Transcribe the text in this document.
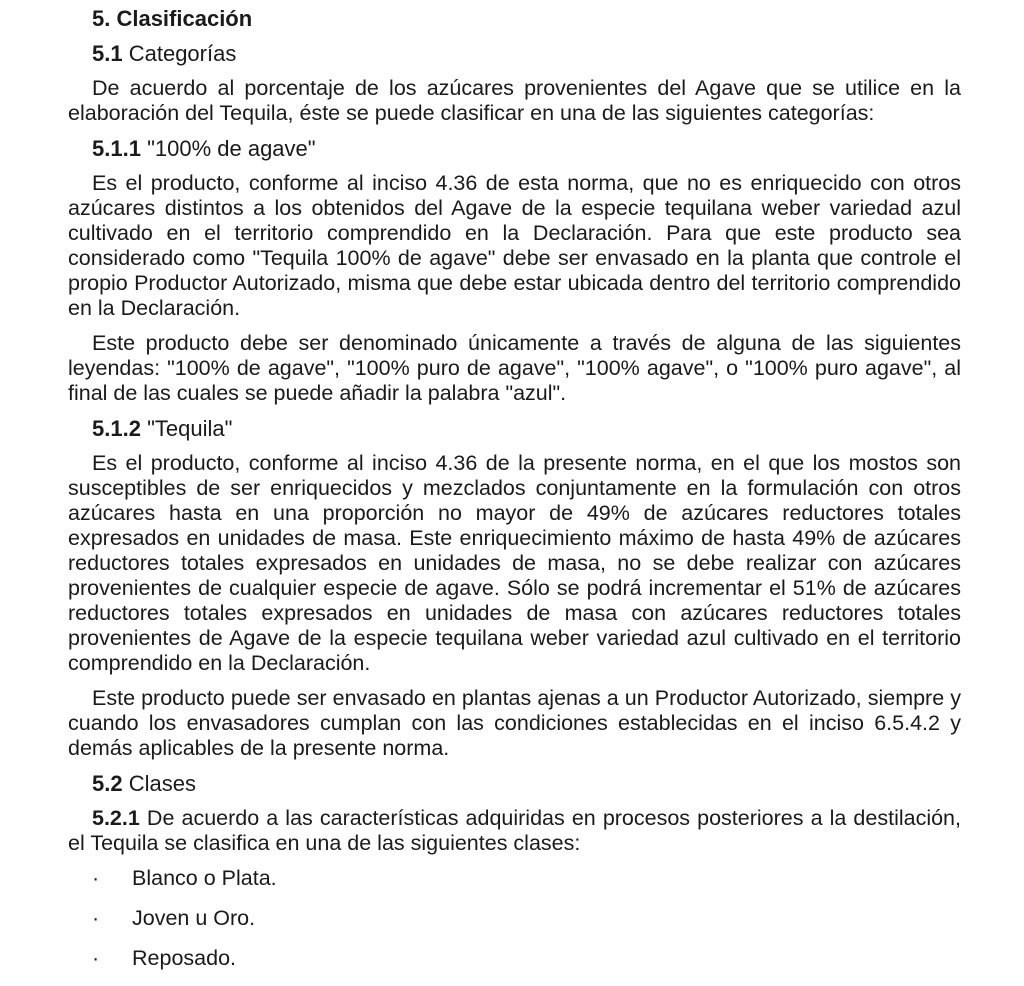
5. Clasificación
5.1 Categorías

De acuerdo al porcentaje de los azúcares provenientes del Agave que se utilice en la elaboración del Tequila, éste se puede clasificar en una de las siguientes categorías:

5.1.1 "100% de agave"

Es el producto, conforme al inciso 4.36 de esta norma, que no es enriquecido con otros azúcares distintos a los obtenidos del Agave de la especie tequilana weber variedad azul cultivado en el territorio comprendido en la Declaración. Para que este producto sea considerado como "Tequila 100% de agave" debe ser envasado en la planta que controle el propio Productor Autorizado, misma que debe estar ubicada dentro del territorio comprendido en la Declaración.

Este producto debe ser denominado únicamente a través de alguna de las siguientes leyendas: "100% de agave", "100% puro de agave", "100% agave", o "100% puro agave", al final de las cuales se puede añadir la palabra "azul".

5.1.2 "Tequila"

Es el producto, conforme al inciso 4.36 de la presente norma, en el que los mostos son susceptibles de ser enriquecidos y mezclados conjuntamente en la formulación con otros azúcares hasta en una proporción no mayor de 49% de azúcares reductores totales expresados en unidades de masa. Este enriquecimiento máximo de hasta 49% de azúcares reductores totales expresados en unidades de masa, no se debe realizar con azúcares provenientes de cualquier especie de agave. Sólo se podrá incrementar el 51% de azúcares reductores totales expresados en unidades de masa con azúcares reductores totales provenientes de Agave de la especie tequilana weber variedad azul cultivado en el territorio comprendido en la Declaración.

Este producto puede ser envasado en plantas ajenas a un Productor Autorizado, siempre y cuando los envasadores cumplan con las condiciones establecidas en el inciso 6.5.4.2 y demás aplicables de la presente norma.

5.2 Clases

5.2.1 De acuerdo a las características adquiridas en procesos posteriores a la destilación, el Tequila se clasifica en una de las siguientes clases:

· Blanco o Plata.
· Joven u Oro.
· Reposado.
